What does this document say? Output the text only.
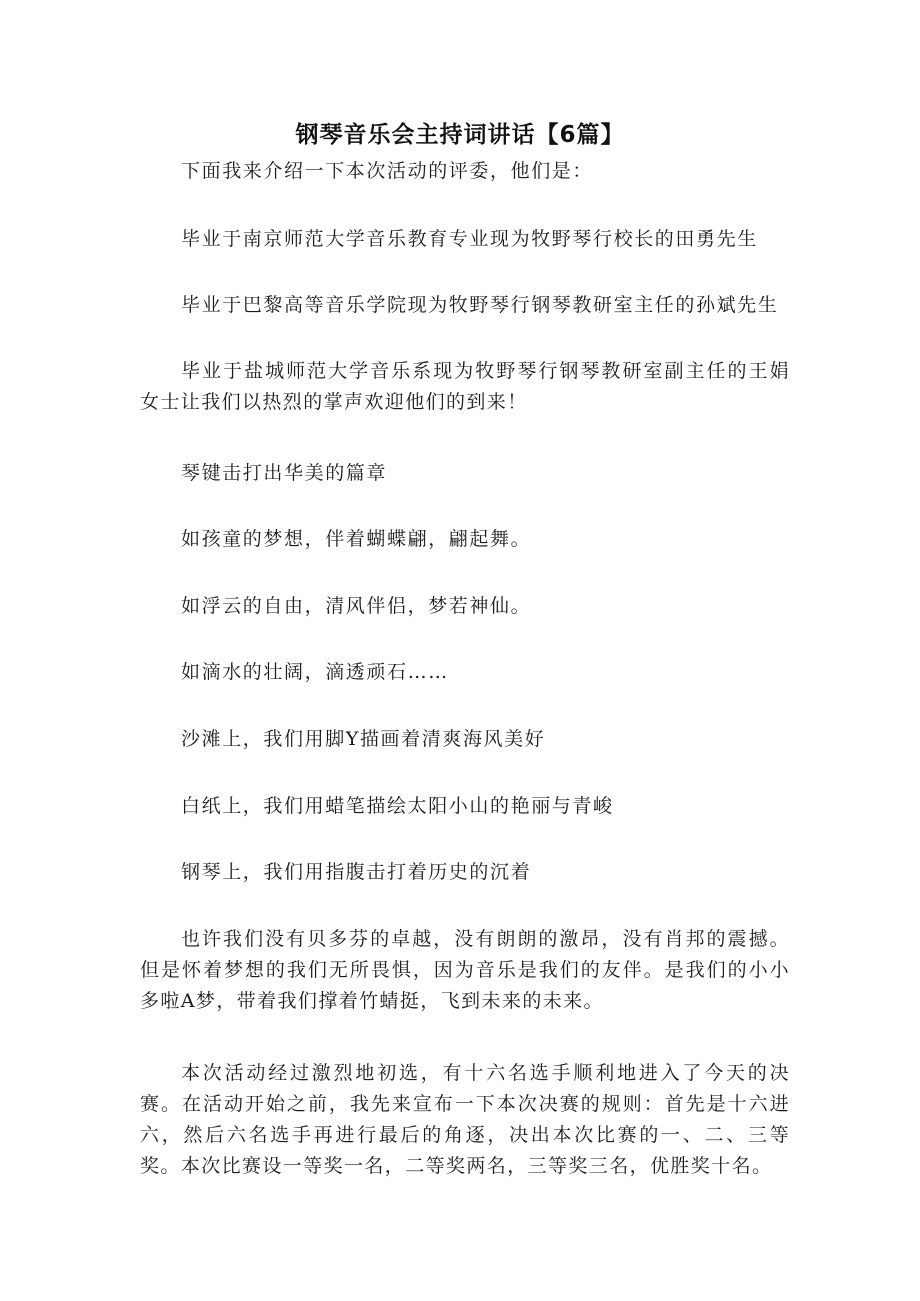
钢琴音乐会主持词讲话【6篇】
下面我来介绍一下本次活动的评委，他们是：
毕业于南京师范大学音乐教育专业现为牧野琴行校长的田勇先生
毕业于巴黎高等音乐学院现为牧野琴行钢琴教研室主任的孙斌先生
毕业于盐城师范大学音乐系现为牧野琴行钢琴教研室副主任的王娟女士让我们以热烈的掌声欢迎他们的到来！
琴键击打出华美的篇章
如孩童的梦想，伴着蝴蝶翩，翩起舞。
如浮云的自由，清风伴侣，梦若神仙。
如滴水的壮阔，滴透顽石……
沙滩上，我们用脚Y描画着清爽海风美好
白纸上，我们用蜡笔描绘太阳小山的艳丽与青峻
钢琴上，我们用指腹击打着历史的沉着
也许我们没有贝多芬的卓越，没有朗朗的激昂，没有肖邦的震撼。但是怀着梦想的我们无所畏惧，因为音乐是我们的友伴。是我们的小小多啦A梦，带着我们撑着竹蜻挺，飞到未来的未来。
本次活动经过激烈地初选，有十六名选手顺利地进入了今天的决赛。在活动开始之前，我先来宣布一下本次决赛的规则：首先是十六进六，然后六名选手再进行最后的角逐，决出本次比赛的一、二、三等奖。本次比赛设一等奖一名，二等奖两名，三等奖三名，优胜奖十名。
